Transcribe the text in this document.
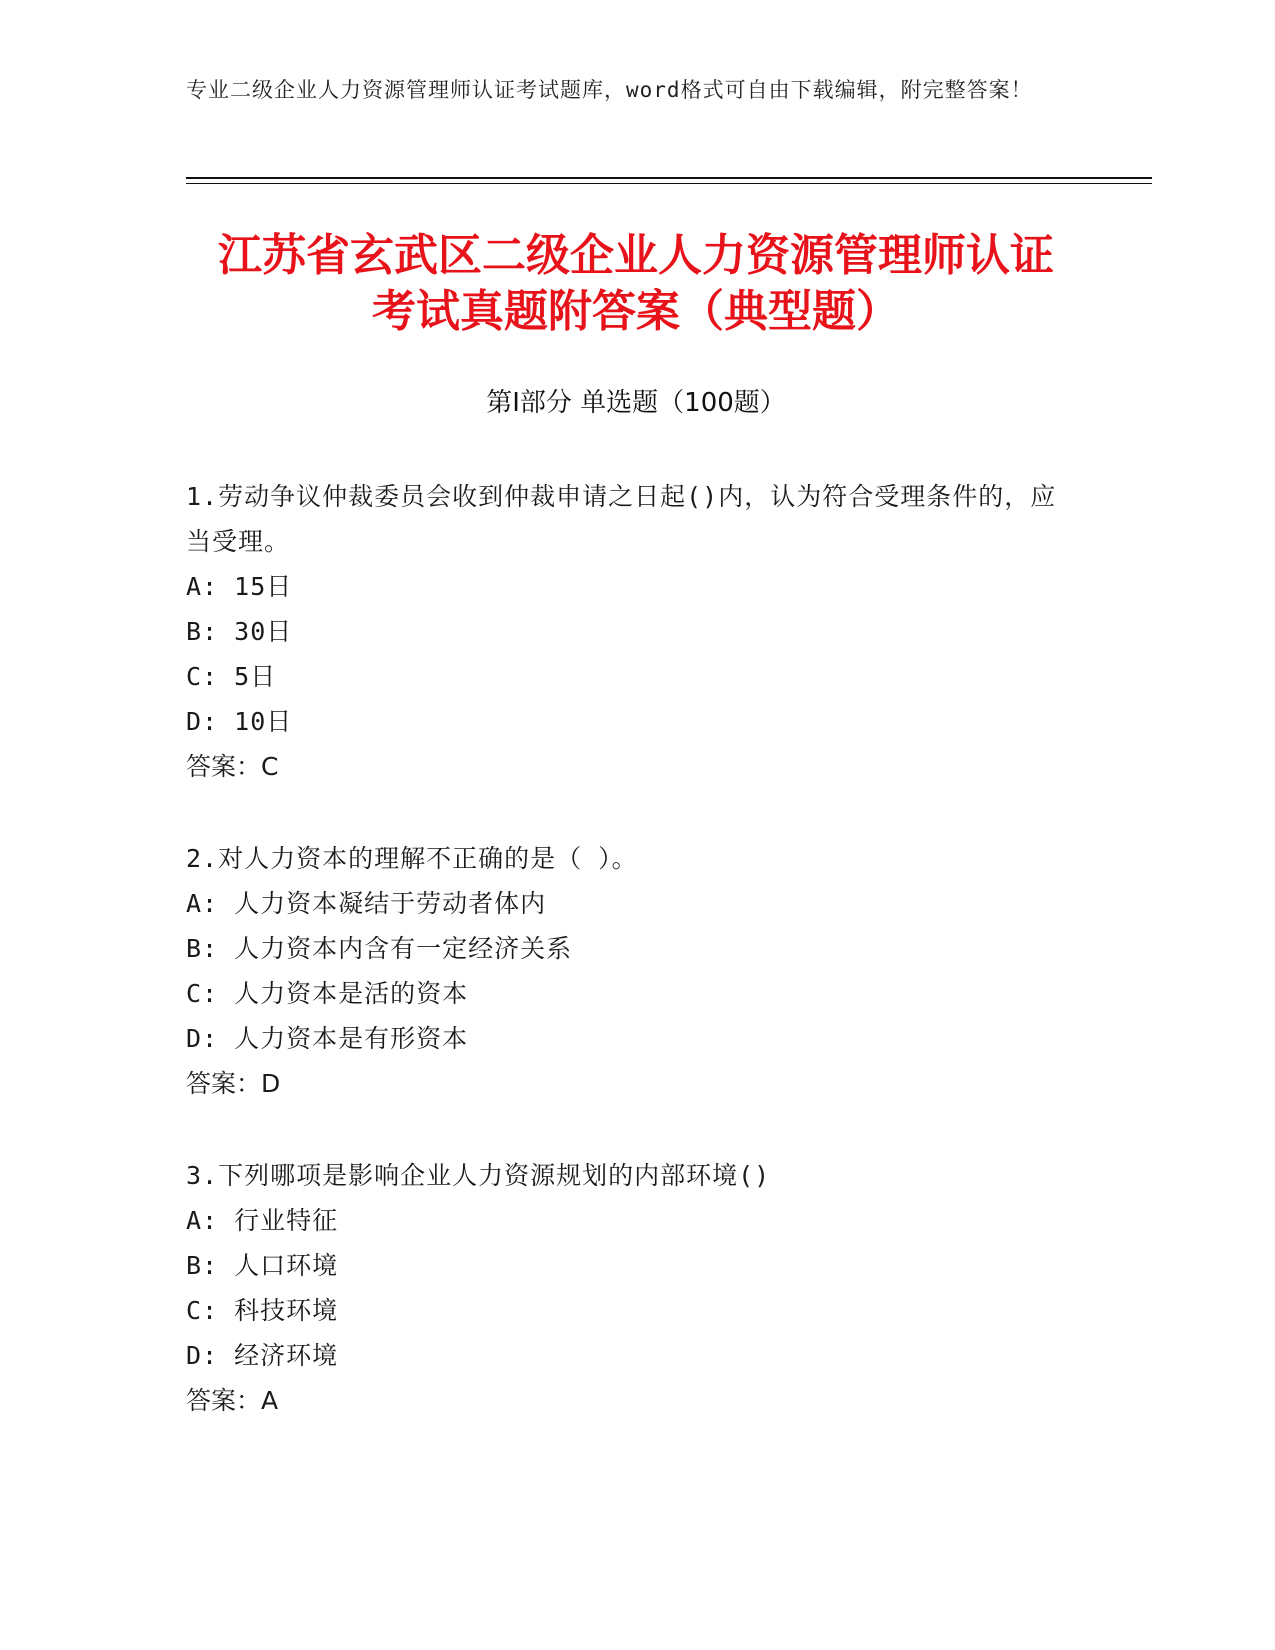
专业二级企业人力资源管理师认证考试题库，word格式可自由下载编辑，附完整答案！
江苏省玄武区二级企业人力资源管理师认证
考试真题附答案（典型题）
第Ⅰ部分 单选题（100题）
1.劳动争议仲裁委员会收到仲裁申请之日起()内，认为符合受理条件的，应当受理。
A: 15日
B: 30日
C: 5日
D: 10日
答案：C
2.对人力资本的理解不正确的是（ ）。
A: 人力资本凝结于劳动者体内
B: 人力资本内含有一定经济关系
C: 人力资本是活的资本
D: 人力资本是有形资本
答案：D
3.下列哪项是影响企业人力资源规划的内部环境()
A: 行业特征
B: 人口环境
C: 科技环境
D: 经济环境
答案：A
